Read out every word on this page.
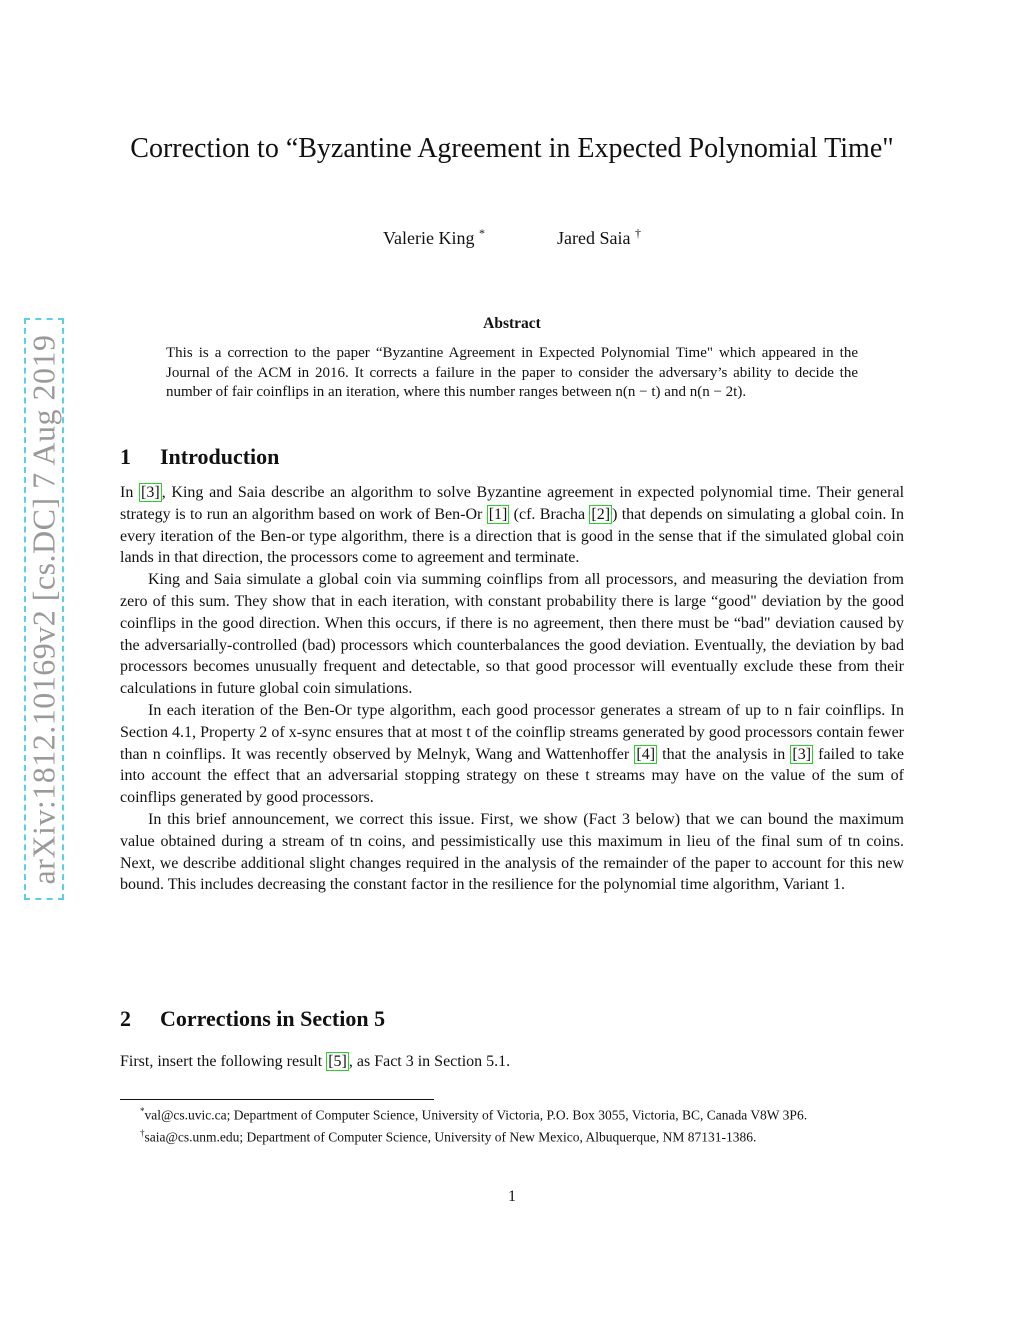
arXiv:1812.10169v2 [cs.DC] 7 Aug 2019
Correction to “Byzantine Agreement in Expected Polynomial Time"
Valerie King *	Jared Saia †
Abstract

This is a correction to the paper “Byzantine Agreement in Expected Polynomial Time" which appeared in the Journal of the ACM in 2016. It corrects a failure in the paper to consider the adversary’s ability to decide the number of fair coinflips in an iteration, where this number ranges between n(n − t) and n(n − 2t).

1 Introduction

In [3] , King and Saia describe an algorithm to solve Byzantine agreement in expected polynomial time. Their general strategy is to run an algorithm based on work of Ben-Or [1] (cf. Bracha [2] ) that depends on simulating a global coin. In every iteration of the Ben-or type algorithm, there is a direction that is good in the sense that if the simulated global coin lands in that direction, the processors come to agreement and terminate.

King and Saia simulate a global coin via summing coinflips from all processors, and measuring the deviation from zero of this sum. They show that in each iteration, with constant probability there is large “good" deviation by the good coinflips in the good direction. When this occurs, if there is no agreement, then there must be “bad" deviation caused by the adversarially-controlled (bad) processors which counterbalances the good deviation. Eventually, the deviation by bad processors becomes unusually frequent and detectable, so that good processor will eventually exclude these from their calculations in future global coin simulations.

In each iteration of the Ben-Or type algorithm, each good processor generates a stream of up to n fair coinflips. In Section 4.1, Property 2 of x-sync ensures that at most t of the coinflip streams generated by good processors contain fewer than n coinflips. It was recently observed by Melnyk, Wang and Wattenhoffer [4] that the analysis in [3] failed to take into account the effect that an adversarial stopping strategy on these t streams may have on the value of the sum of coinflips generated by good processors.

In this brief announcement, we correct this issue. First, we show (Fact 3 below) that we can bound the maximum value obtained during a stream of tn coins, and pessimistically use this maximum in lieu of the final sum of tn coins. Next, we describe additional slight changes required in the analysis of the remainder of the paper to account for this new bound. This includes decreasing the constant factor in the resilience for the polynomial time algorithm, Variant 1.

2 Corrections in Section 5

First, insert the following result [5] , as Fact 3 in Section 5.1.

*val@cs.uvic.ca; Department of Computer Science, University of Victoria, P.O. Box 3055, Victoria, BC, Canada V8W 3P6.

†saia@cs.unm.edu; Department of Computer Science, University of New Mexico, Albuquerque, NM 87131-1386.

1
